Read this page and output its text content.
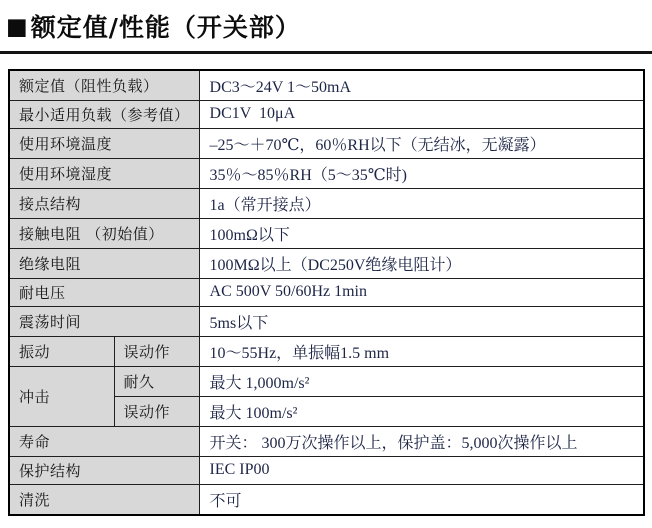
■ 额定值/性能（开关部）
额定值（阻性负载）		DC3～24V 1～50mA
最小适用负载（参考值）		DC1V  10μA
使用环境温度		–25～＋70℃，60％RH以下（无结冰，无凝露）
使用环境湿度		35％～85％RH（5～35℃时)
接点结构		1a（常开接点）
接触电阻 （初始值）		100mΩ以下
绝缘电阻		100MΩ以上（DC250V绝缘电阻计）
耐电压		AC 500V 50/60Hz 1min
震荡时间		5ms以下
振动	误动作	10～55Hz，单振幅1.5 mm
冲击	耐久	最大 1,000m/s²
	误动作	最大 100m/s²
寿命		开关： 300万次操作以上，保护盖：5,000次操作以上
保护结构		IEC IP00
清洗		不可
